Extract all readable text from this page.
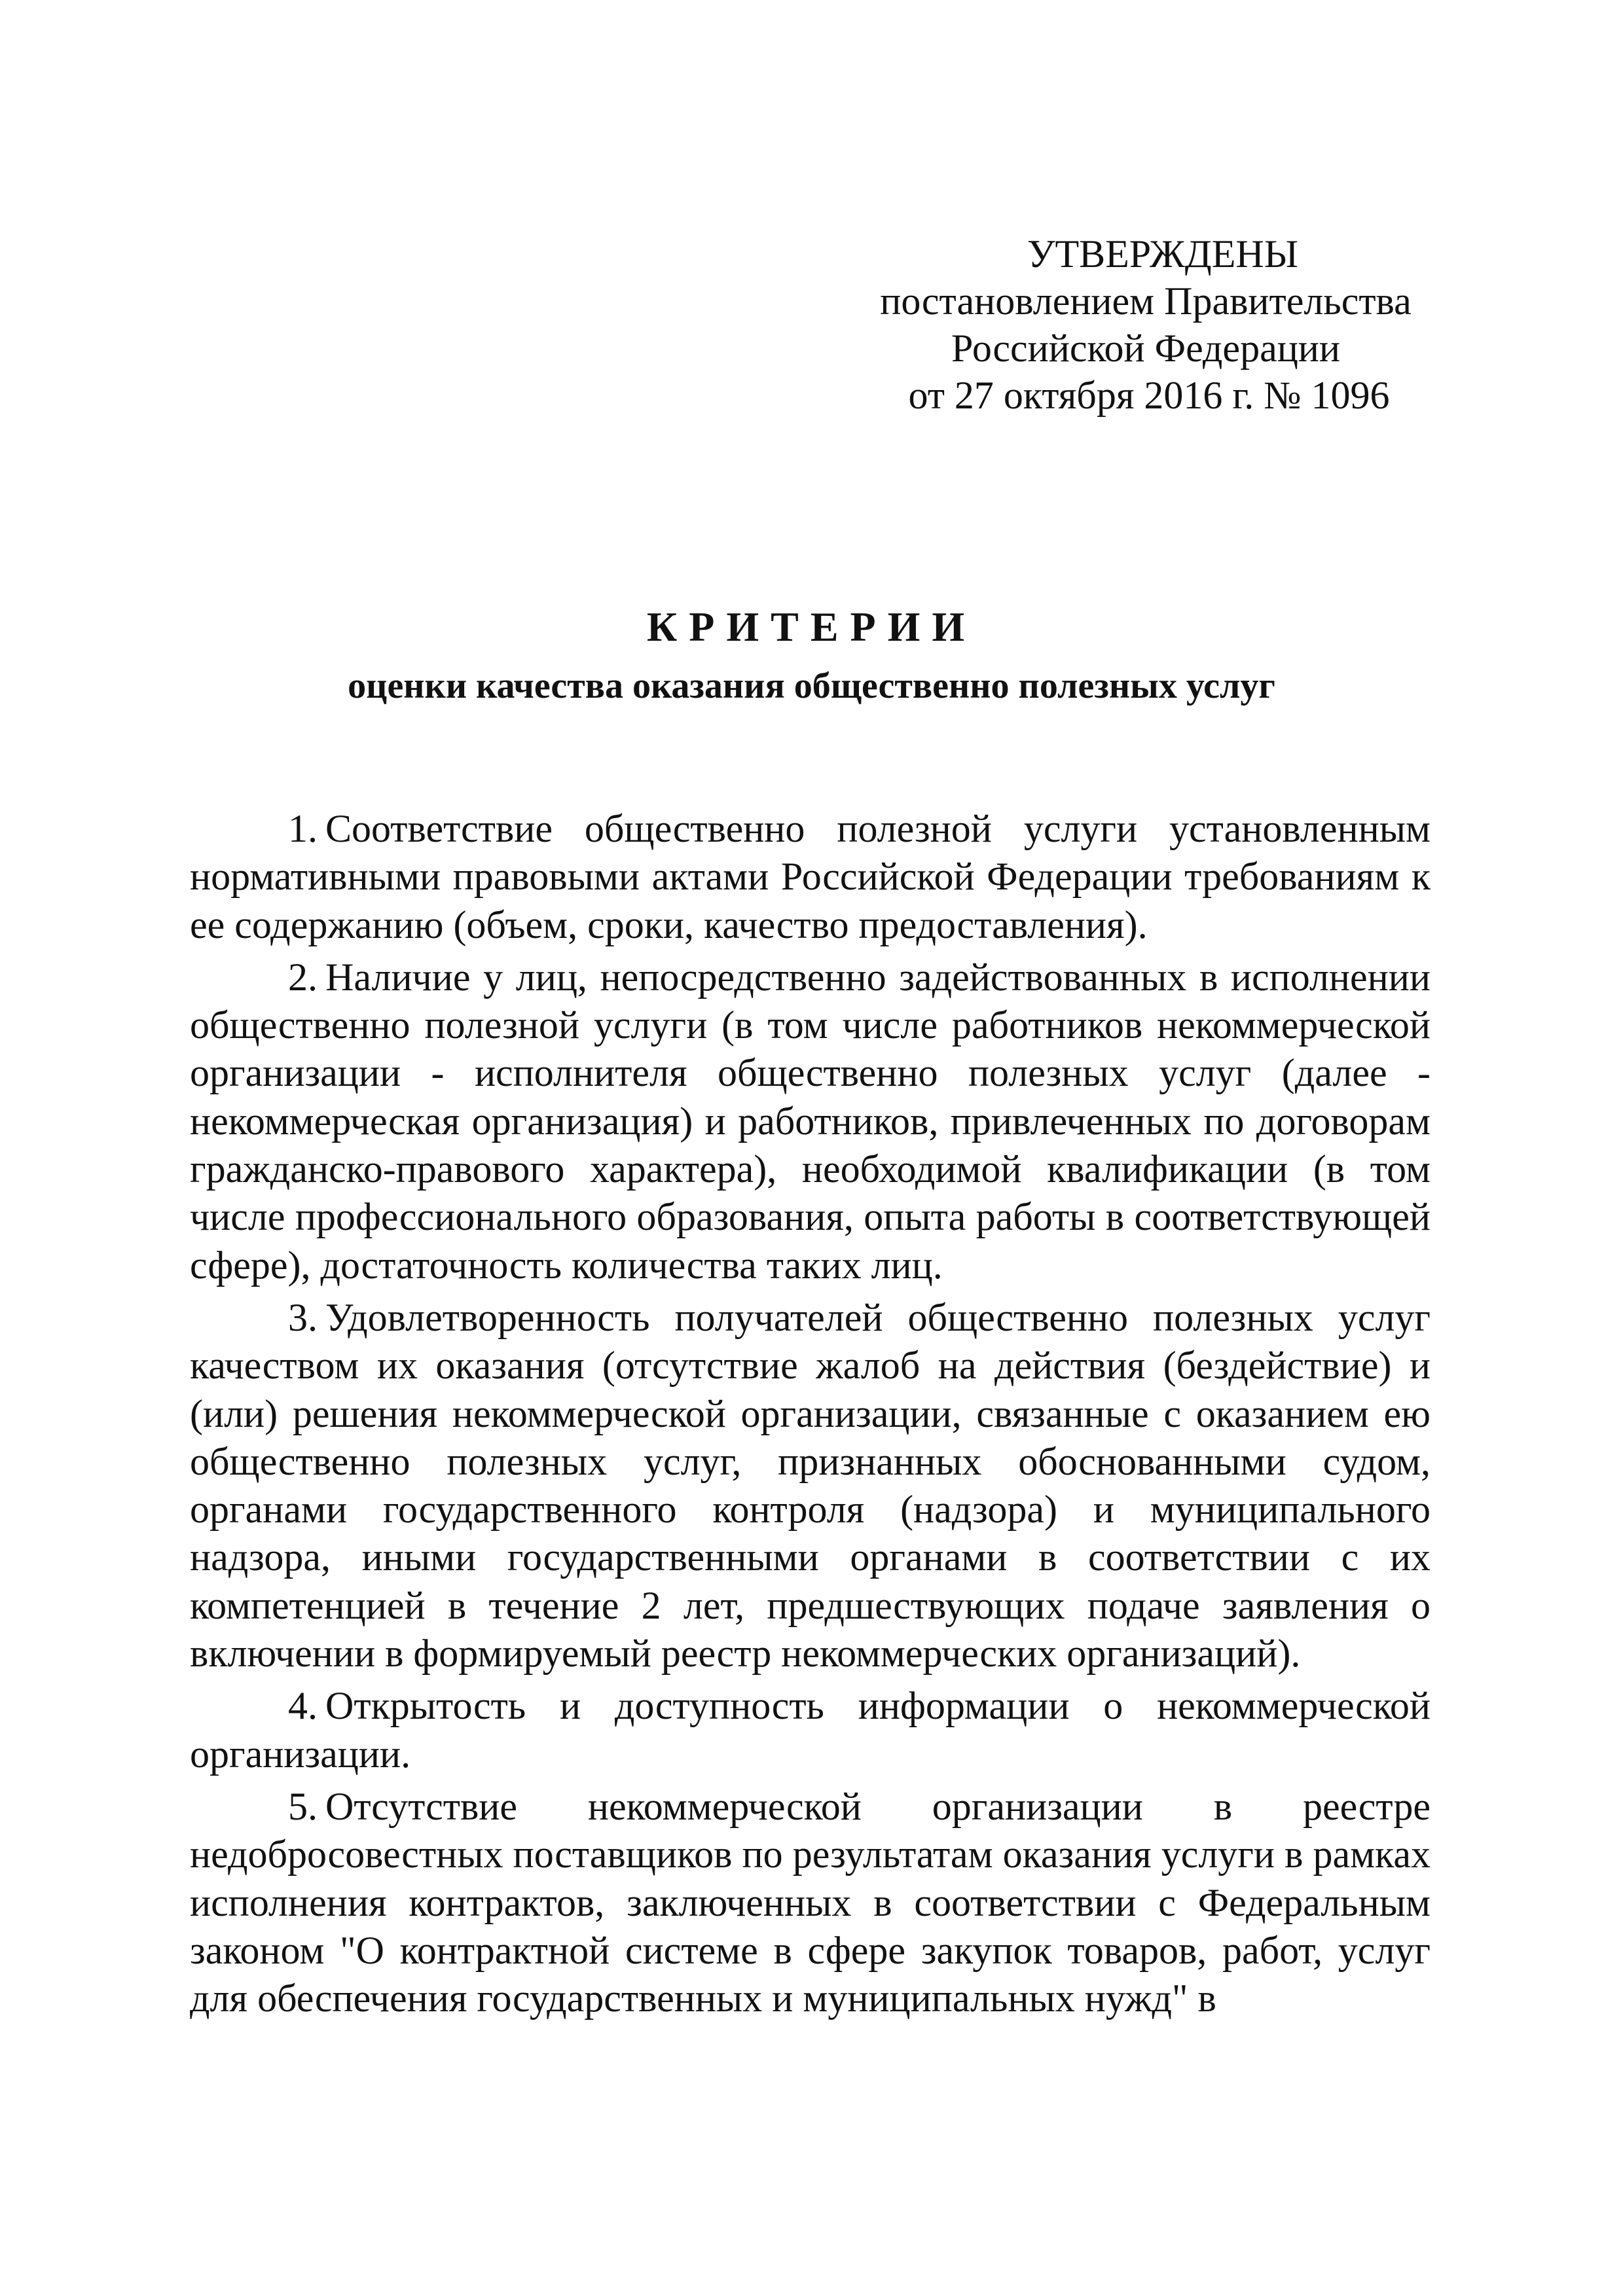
УТВЕРЖДЕНЫ
постановлением Правительства
Российской Федерации
от 27 октября 2016 г. № 1096
КРИТЕРИИ
оценки качества оказания общественно полезных услуг

1. Соответствие общественно полезной услуги установленным нормативными правовыми актами Российской Федерации требованиям к ее содержанию (объем, сроки, качество предоставления).

2. Наличие у лиц, непосредственно задействованных в исполнении общественно полезной услуги (в том числе работников некоммерческой организации - исполнителя общественно полезных услуг (далее - некоммерческая организация) и работников, привлеченных по договорам гражданско-правового характера), необходимой квалификации (в том числе профессионального образования, опыта работы в соответствующей сфере), достаточность количества таких лиц.

3. Удовлетворенность получателей общественно полезных услуг качеством их оказания (отсутствие жалоб на действия (бездействие) и (или) решения некоммерческой организации, связанные с оказанием ею общественно полезных услуг, признанных обоснованными судом, органами государственного контроля (надзора) и муниципального надзора, иными государственными органами в соответствии с их компетенцией в течение 2 лет, предшествующих подаче заявления о включении в формируемый реестр некоммерческих организаций).

4. Открытость и доступность информации о некоммерческой организации.

5. Отсутствие некоммерческой организации в реестре недобросовестных поставщиков по результатам оказания услуги в рамках исполнения контрактов, заключенных в соответствии с Федеральным законом "О контрактной системе в сфере закупок товаров, работ, услуг для обеспечения государственных и муниципальных нужд" в
